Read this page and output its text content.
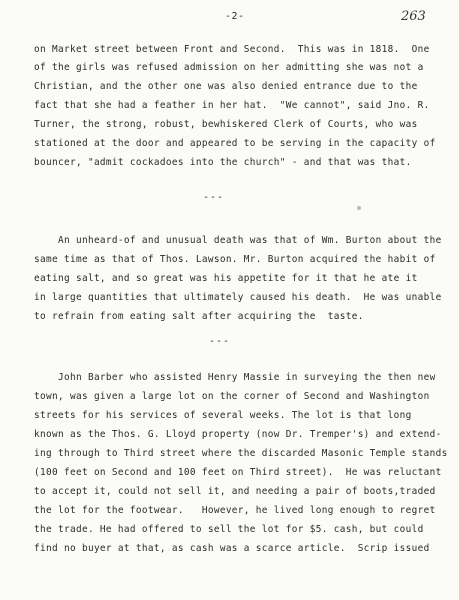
-2-	263
on Market street between Front and Second.  This was in 1818.  One
of the girls was refused admission on her admitting she was not a
Christian, and the other one was also denied entrance due to the
fact that she had a feather in her hat.  "We cannot", said Jno. R.
Turner, the strong, robust, bewhiskered Clerk of Courts, who was
stationed at the door and appeared to be serving in the capacity of
bouncer, "admit cockadoes into the church" - and that was that.
---
An unheard-of and unusual death was that of Wm. Burton about the
same time as that of Thos. Lawson. Mr. Burton acquired the habit of
eating salt, and so great was his appetite for it that he ate it
in large quantities that ultimately caused his death.  He was unable
to refrain from eating salt after acquiring the  taste.
---
John Barber who assisted Henry Massie in surveying the then new
town, was given a large lot on the corner of Second and Washington
streets for his services of several weeks. The lot is that long
known as the Thos. G. Lloyd property (now Dr. Tremper's) and extend-
ing through to Third street where the discarded Masonic Temple stands
(100 feet on Second and 100 feet on Third street).  He was reluctant
to accept it, could not sell it, and needing a pair of boots,traded
the lot for the footwear.   However, he lived long enough to regret
the trade. He had offered to sell the lot for $5. cash, but could
find no buyer at that, as cash was a scarce article.  Scrip issued
